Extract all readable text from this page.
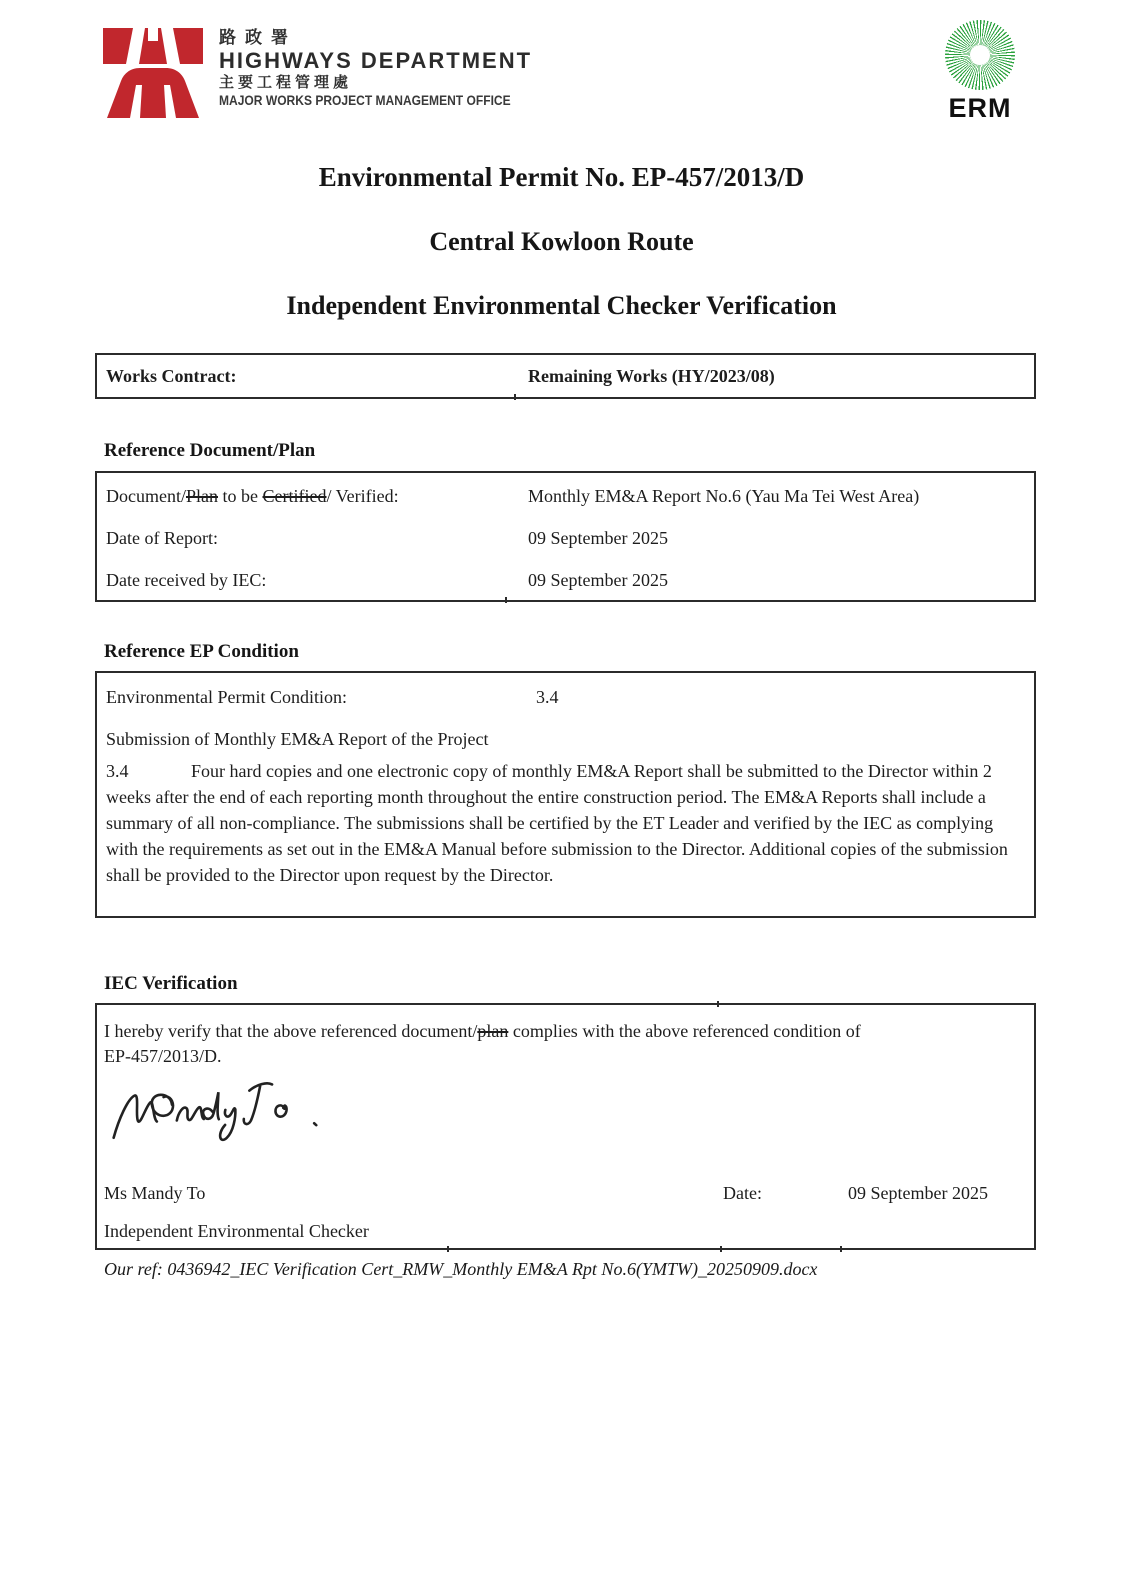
路政署
HIGHWAYS DEPARTMENT
主要工程管理處
MAJOR WORKS PROJECT MANAGEMENT OFFICE	ERM
Environmental Permit No. EP-457/2013/D
Central Kowloon Route
Independent Environmental Checker Verification
Works Contract:	Remaining Works (HY/2023/08)
Reference Document/Plan
Document/Plan to be Certified/ Verified:	Monthly EM&A Report No.6 (Yau Ma Tei West Area)
Date of Report:	09 September 2025
Date received by IEC:	09 September 2025
Reference EP Condition
Environmental Permit Condition:	3.4
Submission of Monthly EM&A Report of the Project
3.4	Four hard copies and one electronic copy of monthly EM&A Report shall be submitted to the Director within 2 weeks after the end of each reporting month throughout the entire construction period. The EM&A Reports shall include a summary of all non-compliance. The submissions shall be certified by the ET Leader and verified by the IEC as complying with the requirements as set out in the EM&A Manual before submission to the Director. Additional copies of the submission shall be provided to the Director upon request by the Director.
IEC Verification
I hereby verify that the above referenced document/plan complies with the above referenced condition of
EP-457/2013/D.
Ms Mandy To	Date:	09 September 2025
Independent Environmental Checker
Our ref: 0436942_IEC Verification Cert_RMW_Monthly EM&A Rpt No.6(YMTW)_20250909.docx
